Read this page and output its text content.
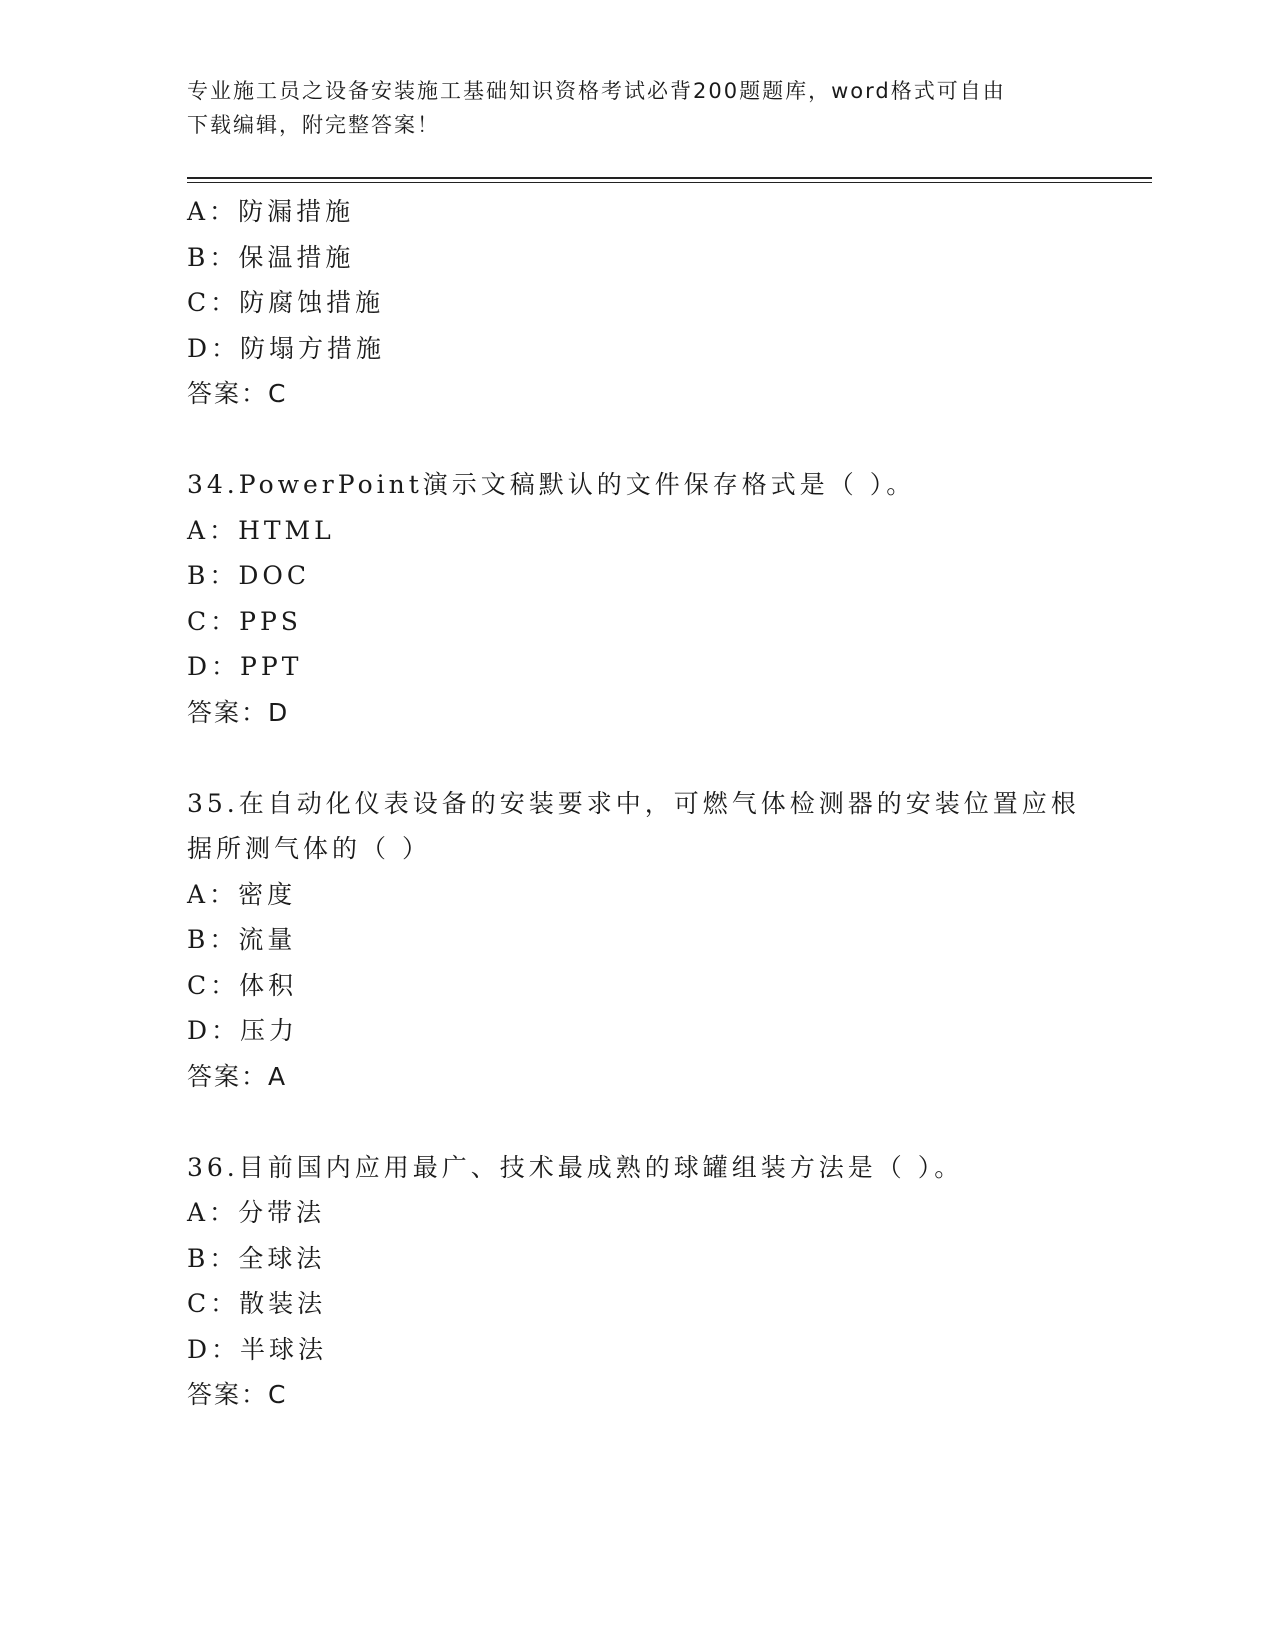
专业施工员之设备安装施工基础知识资格考试必背200题题库，word格式可自由
下载编辑，附完整答案！
A：防漏措施
B：保温措施
C：防腐蚀措施
D：防塌方措施
答案：C
34.PowerPoint演示文稿默认的文件保存格式是（ ）。
A：HTML
B：DOC
C：PPS
D：PPT
答案：D
35.在自动化仪表设备的安装要求中，可燃气体检测器的安装位置应根
据所测气体的（ ）
A：密度
B：流量
C：体积
D：压力
答案：A
36.目前国内应用最广、技术最成熟的球罐组装方法是（ ）。
A：分带法
B：全球法
C：散装法
D：半球法
答案：C
